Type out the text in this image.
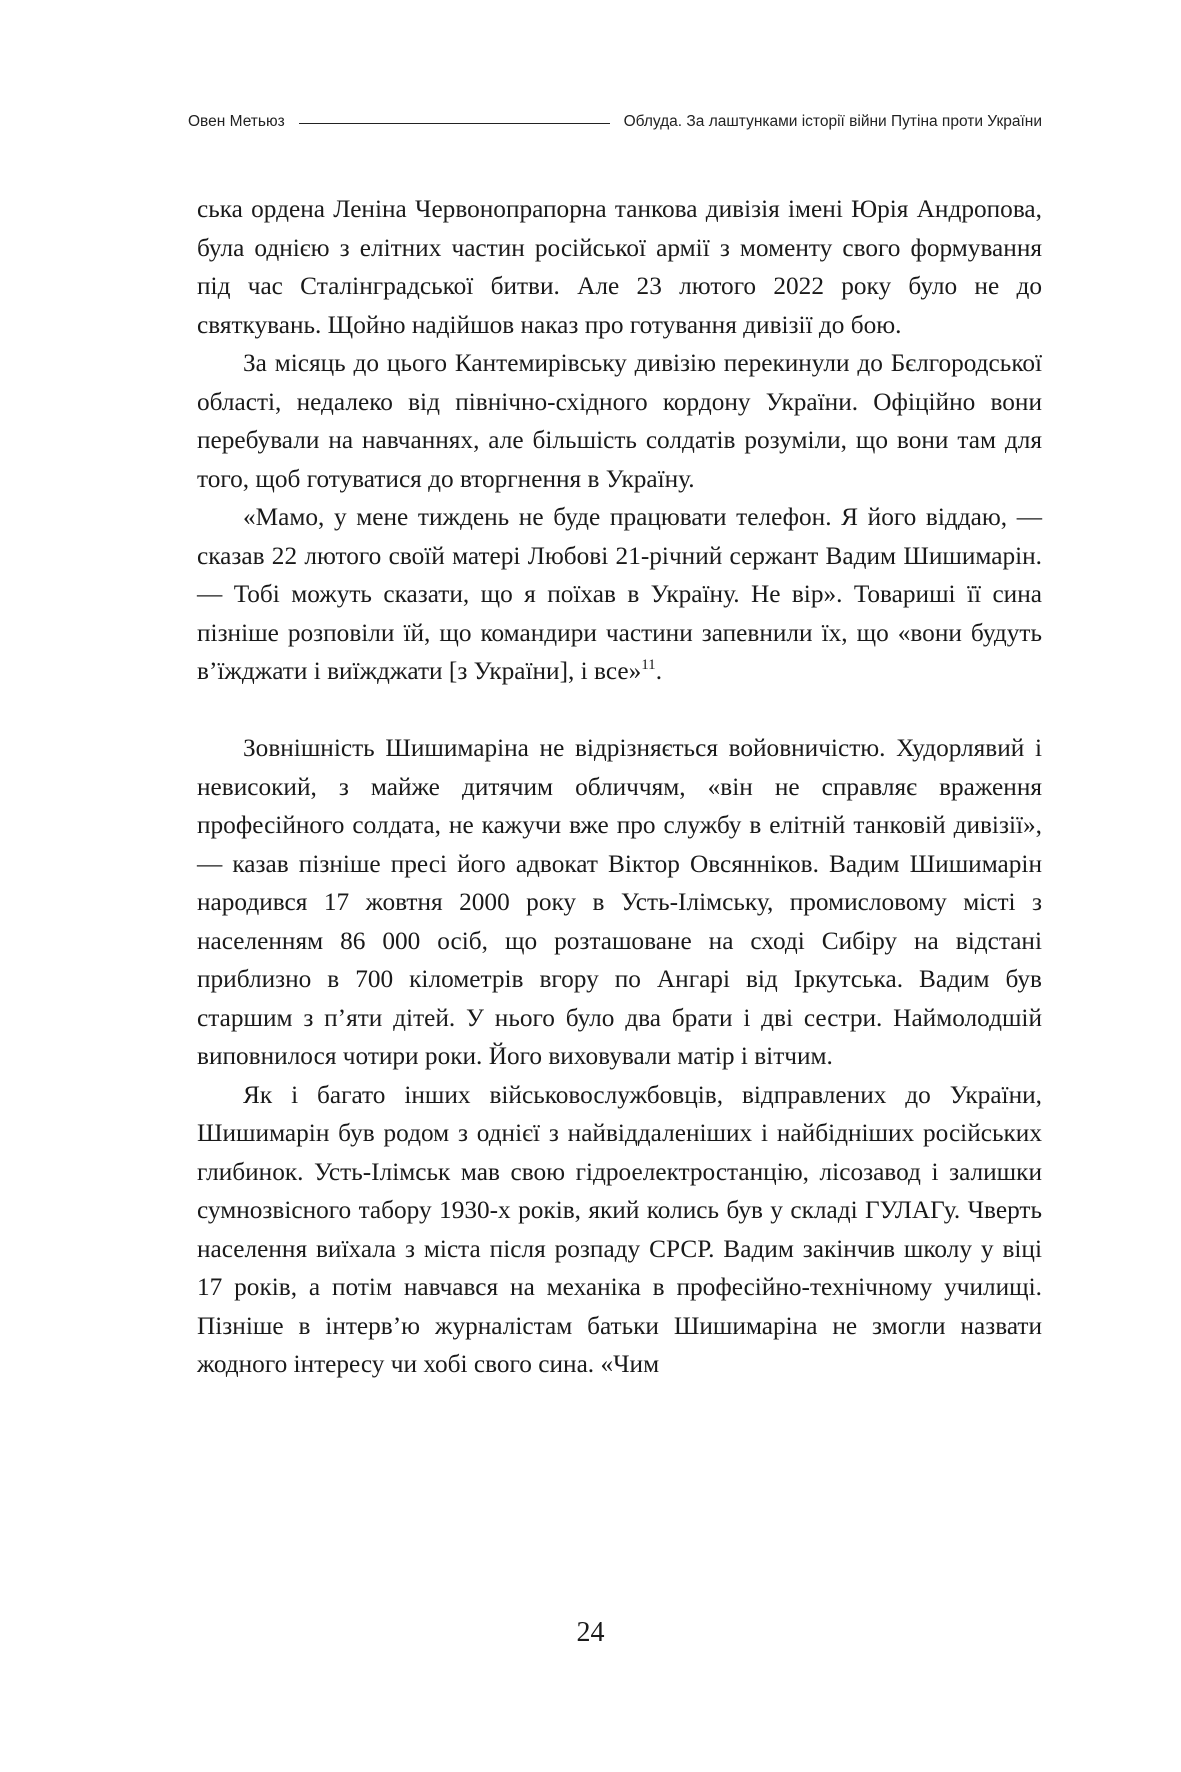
Овен Метьюз	Облуда. За лаштунками історії війни Путіна проти України

ська ордена Леніна Червонопрапорна танкова дивізія імені Юрія Андропова, була однією з елітних частин російської армії з моменту свого формування під час Сталінградської битви. Але 23 лютого 2022 року було не до святкувань. Щойно надійшов наказ про готування дивізії до бою.

За місяць до цього Кантемирівську дивізію перекинули до Бєлгородської області, недалеко від північно-східного кордону України. Офіційно вони перебували на навчаннях, але більшість солдатів розуміли, що вони там для того, щоб готуватися до вторгнення в Україну.

«Мамо, у мене тиждень не буде працювати телефон. Я його віддаю, — сказав 22 лютого своїй матері Любові 21-річний сержант Вадим Шишимарін. — Тобі можуть сказати, що я поїхав в Україну. Не вір». Товариші її сина пізніше розповіли їй, що командири частини запевнили їх, що «вони будуть в’їжджати і виїжджати [з України], і все»$^{11}$.

Зовнішність Шишимаріна не відрізняється войовничістю. Худорлявий і невисокий, з майже дитячим обличчям, «він не справляє враження професійного солдата, не кажучи вже про службу в елітній танковій дивізії», — казав пізніше пресі його адвокат Віктор Овсянніков. Вадим Шишимарін народився 17 жовтня 2000 року в Усть-Ілімську, промисловому місті з населенням 86 000 осіб, що розташоване на сході Сибіру на відстані приблизно в 700 кілометрів вгору по Ангарі від Іркутська. Вадим був старшим з п’яти дітей. У нього було два брати і дві сестри. Наймолодшій виповнилося чотири роки. Його виховували матір і вітчим.

Як і багато інших військовослужбовців, відправлених до України, Шишимарін був родом з однієї з найвіддаленіших і найбідніших російських глибинок. Усть-Ілімськ мав свою гідроелектростанцію, лісозавод і залишки сумнозвісного табору 1930-х років, який колись був у складі ГУЛАГу. Чверть населення виїхала з міста після розпаду СРСР. Вадим закінчив школу у віці 17 років, а потім навчався на механіка в професійно-технічному училищі. Пізніше в інтерв’ю журналістам батьки Шишимаріна не змогли назвати жодного інтересу чи хобі свого сина. «Чим

24
